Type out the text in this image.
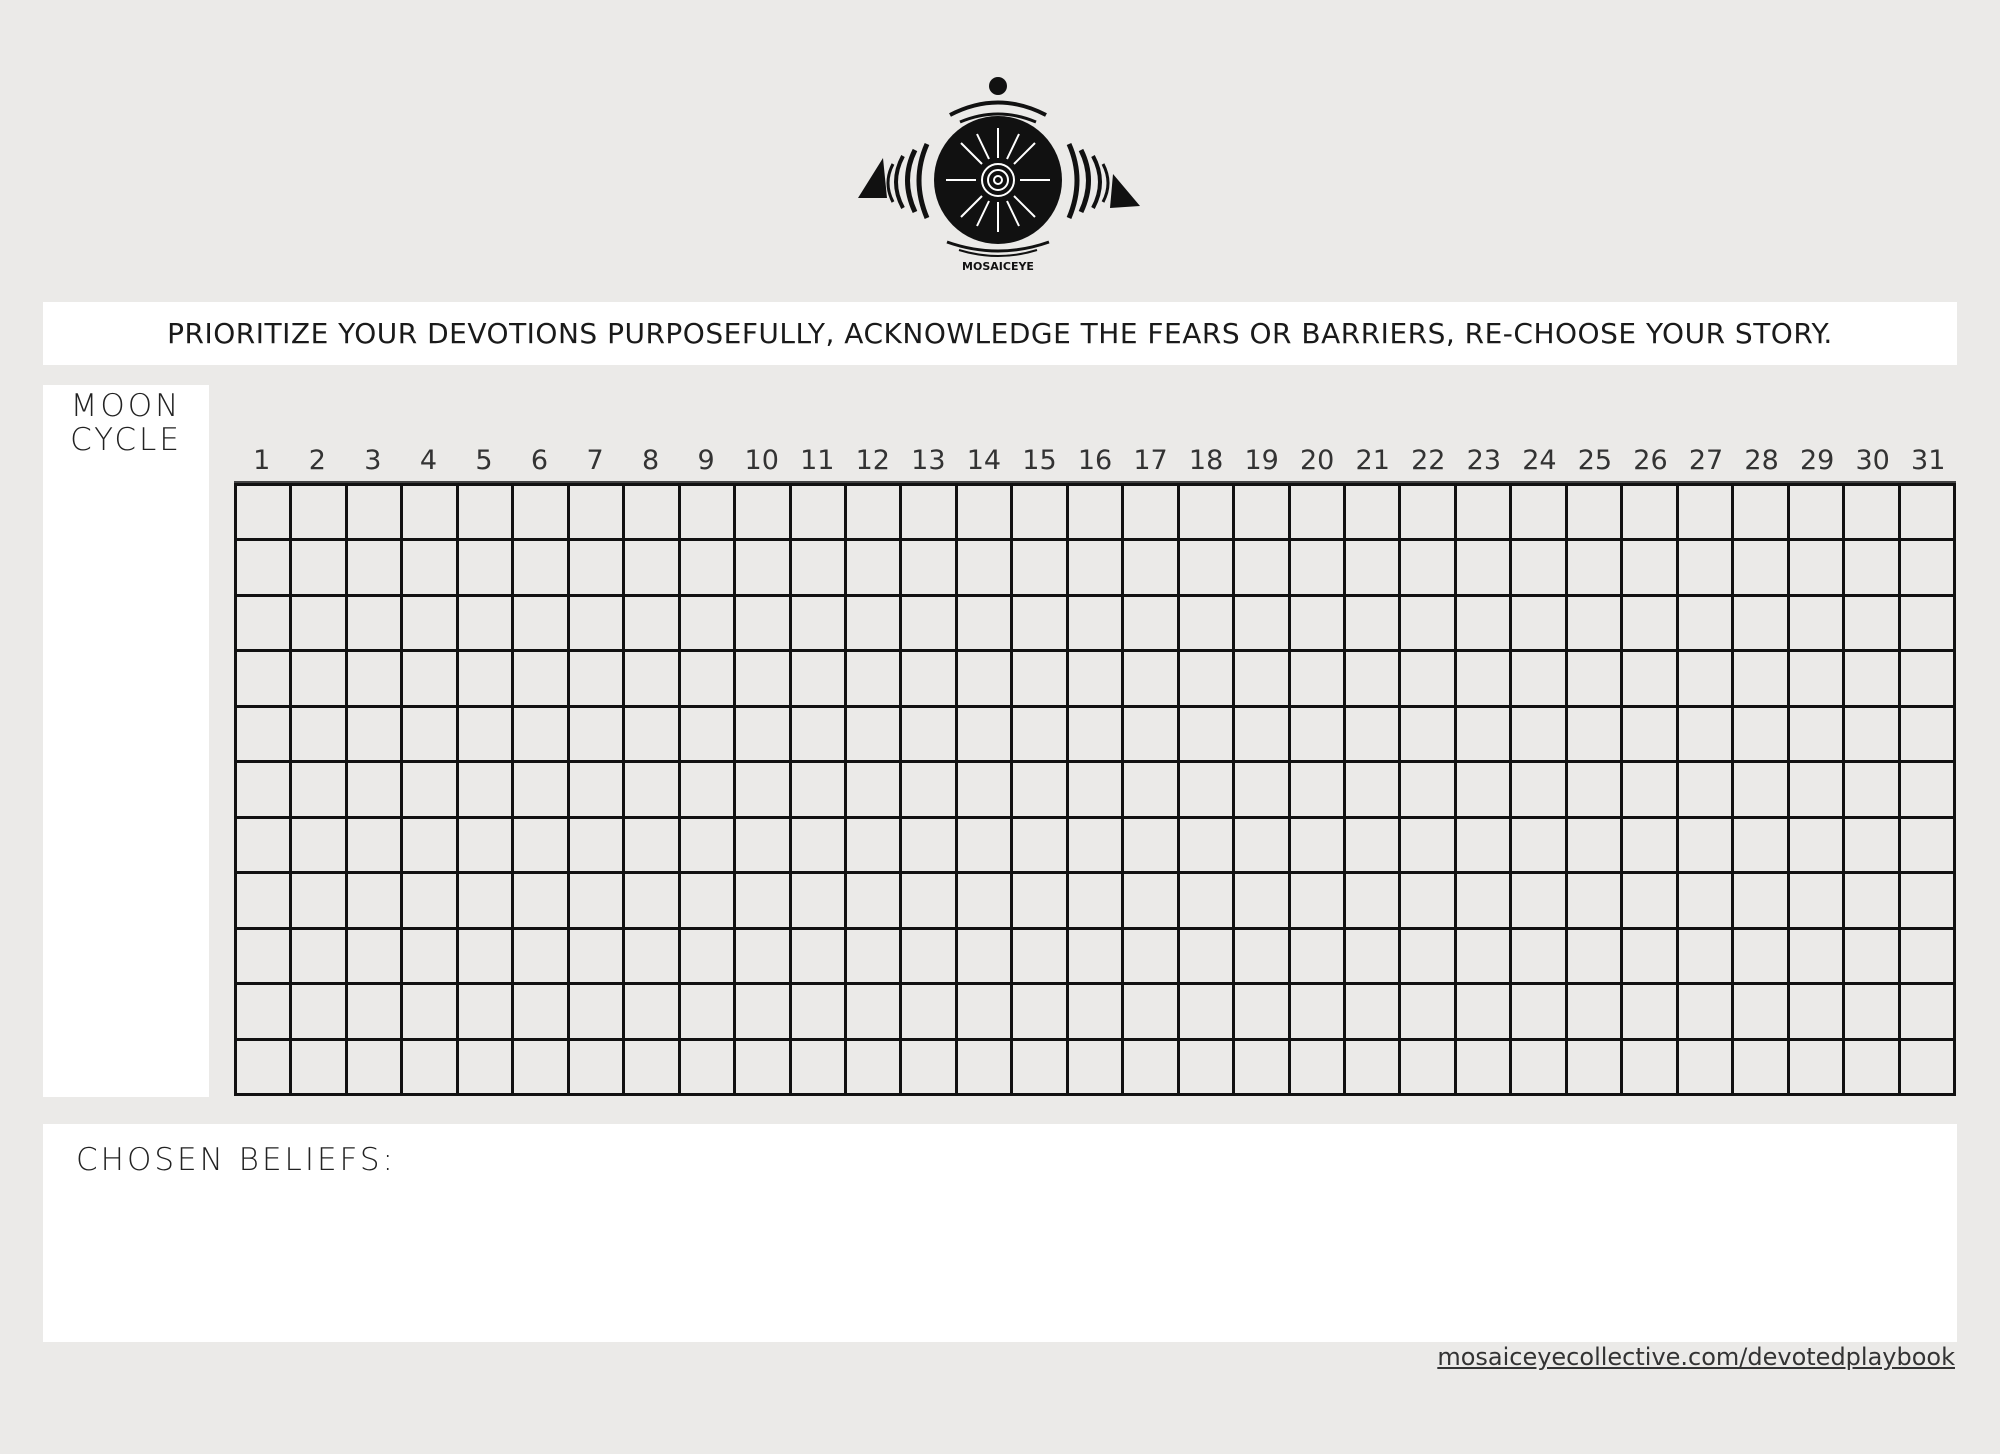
MOSAICEYE
PRIORITIZE YOUR DEVOTIONS PURPOSEFULLY, ACKNOWLEDGE THE FEARS OR BARRIERS, RE-CHOOSE YOUR STORY.
MOON
CYCLE
1	2	3	4	5	6	7	8	9	10 11 12 13 14 15 16 17 18 19 20 21 22 23 24 25 26 27 28 29 30 31
CHOSEN BELIEFS:
mosaiceyecollective.com/devotedplaybook
